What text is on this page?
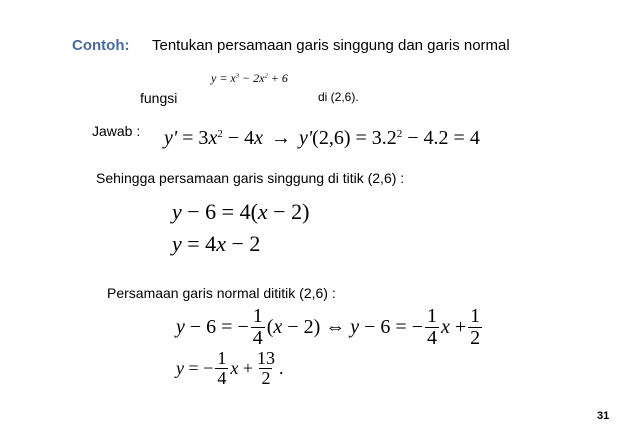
Contoh: Tentukan persamaan garis singgung dan garis normal
$y = x^3 - 2x^2 + 6$
fungsi	di (2,6).
Jawab : $y' = 3x^2 - 4x \to y'(2,6) = 3.2^2 - 4.2 = 4$
Sehingga persamaan garis singgung di titik (2,6) :
y − 6 = 4(x − 2)
y = 4x − 2
Persamaan garis normal dititik (2,6) :
y − 6 = − $\frac{1}{4}$ ( x − 2) ⇔ y − 6 = − $\frac{1}{4}$ $x + \frac{1}{2}$
y = − $\frac{1}{4}$ $x + \frac{13}{2}$ .
31
